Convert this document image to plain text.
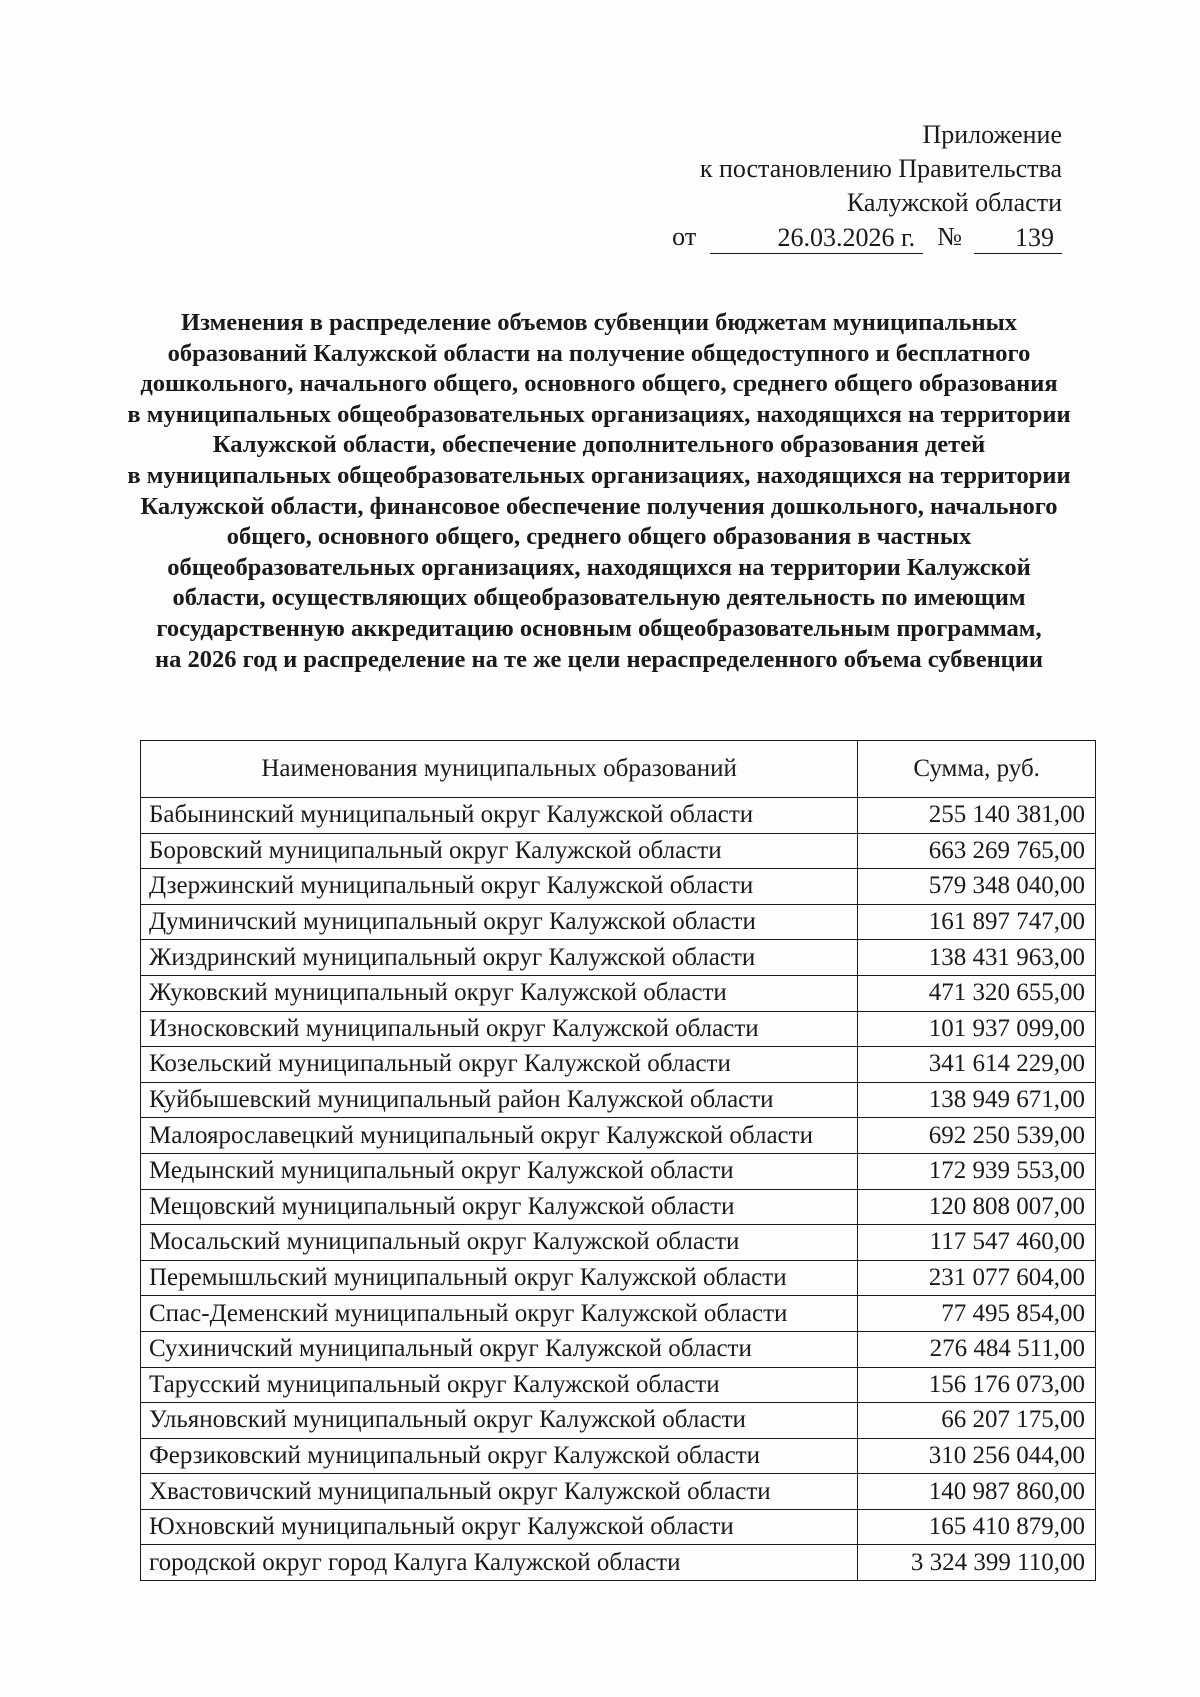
Приложение
к постановлению Правительства
Калужской области
от	26.03.2026 г. №	139
Изменения в распределение объемов субвенции бюджетам муниципальных
образований Калужской области на получение общедоступного и бесплатного
дошкольного, начального общего, основного общего, среднего общего образования
в муниципальных общеобразовательных организациях, находящихся на территории
Калужской области, обеспечение дополнительного образования детей
в муниципальных общеобразовательных организациях, находящихся на территории
Калужской области, финансовое обеспечение получения дошкольного, начального
общего, основного общего, среднего общего образования в частных
общеобразовательных организациях, находящихся на территории Калужской
области, осуществляющих общеобразовательную деятельность по имеющим
государственную аккредитацию основным общеобразовательным программам,
на 2026 год и распределение на те же цели нераспределенного объема субвенции
Наименования муниципальных образований	Сумма, руб.
Бабынинский муниципальный округ Калужской области	255 140 381,00
Боровский муниципальный округ Калужской области	663 269 765,00
Дзержинский муниципальный округ Калужской области	579 348 040,00
Думиничский муниципальный округ Калужской области	161 897 747,00
Жиздринский муниципальный округ Калужской области	138 431 963,00
Жуковский муниципальный округ Калужской области	471 320 655,00
Износковский муниципальный округ Калужской области	101 937 099,00
Козельский муниципальный округ Калужской области	341 614 229,00
Куйбышевский муниципальный район Калужской области	138 949 671,00
Малоярославецкий муниципальный округ Калужской области	692 250 539,00
Медынский муниципальный округ Калужской области	172 939 553,00
Мещовский муниципальный округ Калужской области	120 808 007,00
Мосальский муниципальный округ Калужской области	117 547 460,00
Перемышльский муниципальный округ Калужской области	231 077 604,00
Спас-Деменский муниципальный округ Калужской области	77 495 854,00
Сухиничский муниципальный округ Калужской области	276 484 511,00
Тарусский муниципальный округ Калужской области	156 176 073,00
Ульяновский муниципальный округ Калужской области	66 207 175,00
Ферзиковский муниципальный округ Калужской области	310 256 044,00
Хвастовичский муниципальный округ Калужской области	140 987 860,00
Юхновский муниципальный округ Калужской области	165 410 879,00
городской округ город Калуга Калужской области	3 324 399 110,00
